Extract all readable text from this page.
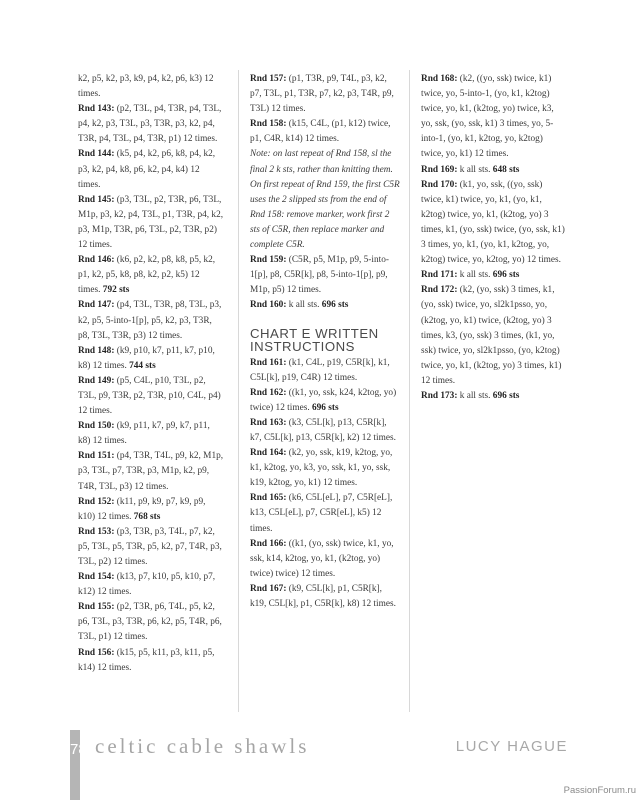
k2, p5, k2, p3, k9, p4, k2, p6, k3) 12 times.

Rnd 143: (p2, T3L, p4, T3R, p4, T3L, p4, k2, p3, T3L, p3, T3R, p3, k2, p4, T3R, p4, T3L, p4, T3R, p1) 12 times.

Rnd 144: (k5, p4, k2, p6, k8, p4, k2, p3, k2, p4, k8, p6, k2, p4, k4) 12 times.

Rnd 145: (p3, T3L, p2, T3R, p6, T3L, M1p, p3, k2, p4, T3L, p1, T3R, p4, k2, p3, M1p, T3R, p6, T3L, p2, T3R, p2) 12 times.

Rnd 146: (k6, p2, k2, p8, k8, p5, k2, p1, k2, p5, k8, p8, k2, p2, k5) 12 times. 792 sts

Rnd 147: (p4, T3L, T3R, p8, T3L, p3, k2, p5, 5-into-1[p], p5, k2, p3, T3R, p8, T3L, T3R, p3) 12 times.

Rnd 148: (k9, p10, k7, p11, k7, p10, k8) 12 times. 744 sts

Rnd 149: (p5, C4L, p10, T3L, p2, T3L, p9, T3R, p2, T3R, p10, C4L, p4) 12 times.

Rnd 150: (k9, p11, k7, p9, k7, p11, k8) 12 times.

Rnd 151: (p4, T3R, T4L, p9, k2, M1p, p3, T3L, p7, T3R, p3, M1p, k2, p9, T4R, T3L, p3) 12 times.

Rnd 152: (k11, p9, k9, p7, k9, p9, k10) 12 times. 768 sts

Rnd 153: (p3, T3R, p3, T4L, p7, k2, p5, T3L, p5, T3R, p5, k2, p7, T4R, p3, T3L, p2) 12 times.

Rnd 154: (k13, p7, k10, p5, k10, p7, k12) 12 times.

Rnd 155: (p2, T3R, p6, T4L, p5, k2, p6, T3L, p3, T3R, p6, k2, p5, T4R, p6, T3L, p1) 12 times.

Rnd 156: (k15, p5, k11, p3, k11, p5, k14) 12 times.

Rnd 157: (p1, T3R, p9, T4L, p3, k2, p7, T3L, p1, T3R, p7, k2, p3, T4R, p9, T3L) 12 times.

Rnd 158: (k15, C4L, (p1, k12) twice, p1, C4R, k14) 12 times.

Note: on last repeat of Rnd 158, sl the final 2 k sts, rather than knitting them. On first repeat of Rnd 159, the first C5R uses the 2 slipped sts from the end of Rnd 158: remove marker, work first 2 sts of C5R, then replace marker and complete C5R.

Rnd 159: (C5R, p5, M1p, p9, 5-into-1[p], p8, C5R[k], p8, 5-into-1[p], p9, M1p, p5) 12 times.

Rnd 160: k all sts. 696 sts

CHART E WRITTEN INSTRUCTIONS

Rnd 161: (k1, C4L, p19, C5R[k], k1, C5L[k], p19, C4R) 12 times.

Rnd 162: ((k1, yo, ssk, k24, k2tog, yo) twice) 12 times. 696 sts

Rnd 163: (k3, C5L[k], p13, C5R[k], k7, C5L[k], p13, C5R[k], k2) 12 times.

Rnd 164: (k2, yo, ssk, k19, k2tog, yo, k1, k2tog, yo, k3, yo, ssk, k1, yo, ssk, k19, k2tog, yo, k1) 12 times.

Rnd 165: (k6, C5L[eL], p7, C5R[eL], k13, C5L[eL], p7, C5R[eL], k5) 12 times.

Rnd 166: ((k1, (yo, ssk) twice, k1, yo, ssk, k14, k2tog, yo, k1, (k2tog, yo) twice) twice) 12 times.

Rnd 167: (k9, C5L[k], p1, C5R[k], k19, C5L[k], p1, C5R[k], k8) 12 times.

Rnd 168: (k2, ((yo, ssk) twice, k1) twice, yo, 5-into-1, (yo, k1, k2tog) twice, yo, k1, (k2tog, yo) twice, k3, yo, ssk, (yo, ssk, k1) 3 times, yo, 5-into-1, (yo, k1, k2tog, yo, k2tog) twice, yo, k1) 12 times.

Rnd 169: k all sts. 648 sts

Rnd 170: (k1, yo, ssk, ((yo, ssk) twice, k1) twice, yo, k1, (yo, k1, k2tog) twice, yo, k1, (k2tog, yo) 3 times, k1, (yo, ssk) twice, (yo, ssk, k1) 3 times, yo, k1, (yo, k1, k2tog, yo, k2tog) twice, yo, k2tog, yo) 12 times.

Rnd 171: k all sts. 696 sts

Rnd 172: (k2, (yo, ssk) 3 times, k1, (yo, ssk) twice, yo, sl2k1psso, yo, (k2tog, yo, k1) twice, (k2tog, yo) 3 times, k3, (yo, ssk) 3 times, (k1, yo, ssk) twice, yo, sl2k1psso, (yo, k2tog) twice, yo, k1, (k2tog, yo) 3 times, k1) 12 times.

Rnd 173: k all sts. 696 sts

78 celtic cable shawls	LUCY HAGUE
PassionForum.ru
